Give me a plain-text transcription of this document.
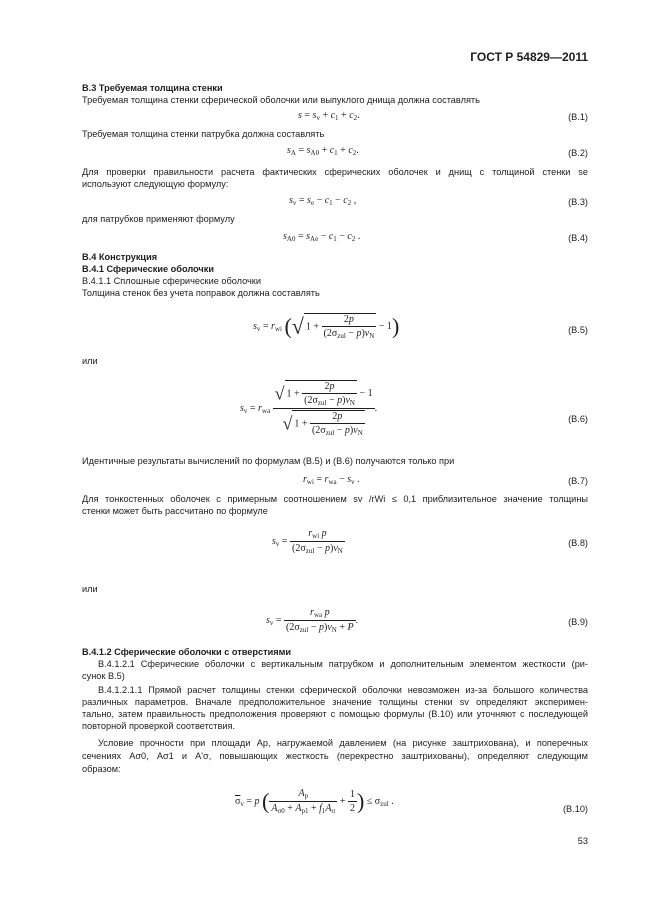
ГОСТ Р 54829—2011
В.3 Требуемая толщина стенки
Требуемая толщина стенки сферической оболочки или выпуклого днища должна составлять
$s = s_v + c_1 + c_2$.	(В.1)
Требуемая толщина стенки патрубка должна составлять
$s_A = s_{A0} + c_1 + c_2$.	(В.2)
Для проверки правильности расчета фактических сферических оболочек и днищ с толщиной стенки se
используют следующую формулу:
$s_v = s_e - c_1 - c_2$ ,	(В.3)
для патрубков применяют формулу
$s_{A0} = s_{Ae} - c_1 - c_2$ .	(В.4)
В.4 Конструкция
В.4.1 Сферические оболочки
В.4.1.1 Сплошные сферические оболочки
Толщина стенок без учета поправок должна составлять
$s_v = r_{wi}$ (√ $1 + \frac{2p}{(2\sigma_{zul} - p)v_N} - 1$)	(В.5)
или
$s_v = r_{wa} \frac{√ 1 + \frac{2p}{(2\sigma_{zul} - p)v_N} - 1}{√ 1 + \frac{2p}{(2\sigma_{zul} - p)v_N}}$ .
(В.6)
Идентичные результаты вычислений по формулам (В.5) и (В.6) получаются только при
$r_{wi} = r_{wa} - s_v$ .	(В.7)
Для тонкостенных оболочек с примерным соотношением sv /rWi ≤ 0,1 приблизительное значение толщины
стенки может быть рассчитано по формуле
$s_v = \frac{r_{wi} p}{(2\sigma_{zul} - p)v_N}$	(В.8)
или
$s_v = \frac{r_{wa} p}{(2\sigma_{zul} - p)v_N + P}$ .	(В.9)
В.4.1.2 Сферические оболочки с отверстиями
В.4.1.2.1 Сферические оболочки с вертикальным патрубком и дополнительным элементом жесткости (ри-
сунок В.5)
В.4.1.2.1.1 Прямой расчет толщины стенки сферической оболочки невозможен из-за большого количества
различных параметров. Вначале предположительное значение толщины стенки sv определяют эксперимен-
тально, затем правильность предположения проверяют с помощью формулы (В.10) или уточняют с последующей
повторной проверкой соответствия.
Условие прочности при площади Ap, нагружаемой давлением (на рисунке заштрихована), и поперечных
сечениях Aσ0, Aσ1 и A'σ, повышающих жесткость (перекрестно заштрихованы), определяют следующим
образом:
$\overline{\sigma}_v = p$ ( $\frac{A_p}{A_{\sigma 0} + A_{p1} + f_1A_\sigma} + \frac{1}{2}$ ) ≤ $\sigma_{zul}$ .
(В.10)
53
